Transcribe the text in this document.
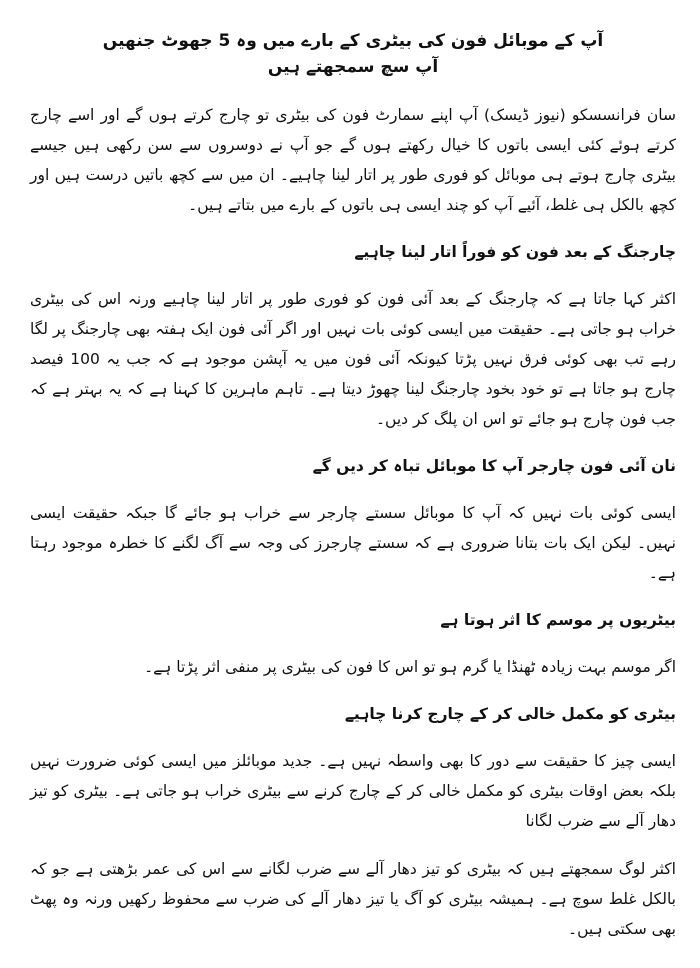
آپ کے موبائل فون کی بیٹری کے بارے میں وہ 5 جھوٹ جنھیں آپ سچ سمجھتے ہیں

سان فرانسسکو (نیوز ڈیسک) آپ اپنے سمارٹ فون کی بیٹری تو چارج کرتے ہوں گے اور اسے چارج کرتے ہوئے کئی ایسی باتوں کا خیال رکھتے ہوں گے جو آپ نے دوسروں سے سن رکھی ہیں جیسے بیٹری چارج ہوتے ہی موبائل کو فوری طور پر اتار لینا چاہیے۔ ان میں سے کچھ باتیں درست ہیں اور کچھ بالکل ہی غلط، آئیے آپ کو چند ایسی ہی باتوں کے بارے میں بتاتے ہیں۔

چارجنگ کے بعد فون کو فوراً اتار لینا چاہیے

اکثر کہا جاتا ہے کہ چارجنگ کے بعد آئی فون کو فوری طور پر اتار لینا چاہیے ورنہ اس کی بیٹری خراب ہو جاتی ہے۔ حقیقت میں ایسی کوئی بات نہیں اور اگر آئی فون ایک ہفتہ بھی چارجنگ پر لگا رہے تب بھی کوئی فرق نہیں پڑتا کیونکہ آئی فون میں یہ آپشن موجود ہے کہ جب یہ 100 فیصد چارج ہو جاتا ہے تو خود بخود چارجنگ لینا چھوڑ دیتا ہے۔ تاہم ماہرین کا کہنا ہے کہ یہ بہتر ہے کہ جب فون چارج ہو جائے تو اس ان پلگ کر دیں۔

نان آئی فون چارجر آپ کا موبائل تباہ کر دیں گے

ایسی کوئی بات نہیں کہ آپ کا موبائل سستے چارجر سے خراب ہو جائے گا جبکہ حقیقت ایسی نہیں۔ لیکن ایک بات بتانا ضروری ہے کہ سستے چارجرز کی وجہ سے آگ لگنے کا خطرہ موجود رہتا ہے۔

بیٹریوں پر موسم کا اثر ہوتا ہے

اگر موسم بہت زیادہ ٹھنڈا یا گرم ہو تو اس کا فون کی بیٹری پر منفی اثر پڑتا ہے۔

بیٹری کو مکمل خالی کر کے چارج کرنا چاہیے

ایسی چیز کا حقیقت سے دور کا بھی واسطہ نہیں ہے۔ جدید موبائلز میں ایسی کوئی ضرورت نہیں بلکہ بعض اوقات بیٹری کو مکمل خالی کر کے چارج کرنے سے بیٹری خراب ہو جاتی ہے۔ بیٹری کو تیز دھار آلے سے ضرب لگانا

اکثر لوگ سمجھتے ہیں کہ بیٹری کو تیز دھار آلے سے ضرب لگانے سے اس کی عمر بڑھتی ہے جو کہ بالکل غلط سوچ ہے۔ ہمیشہ بیٹری کو آگ یا تیز دھار آلے کی ضرب سے محفوظ رکھیں ورنہ وہ پھٹ بھی سکتی ہیں۔
